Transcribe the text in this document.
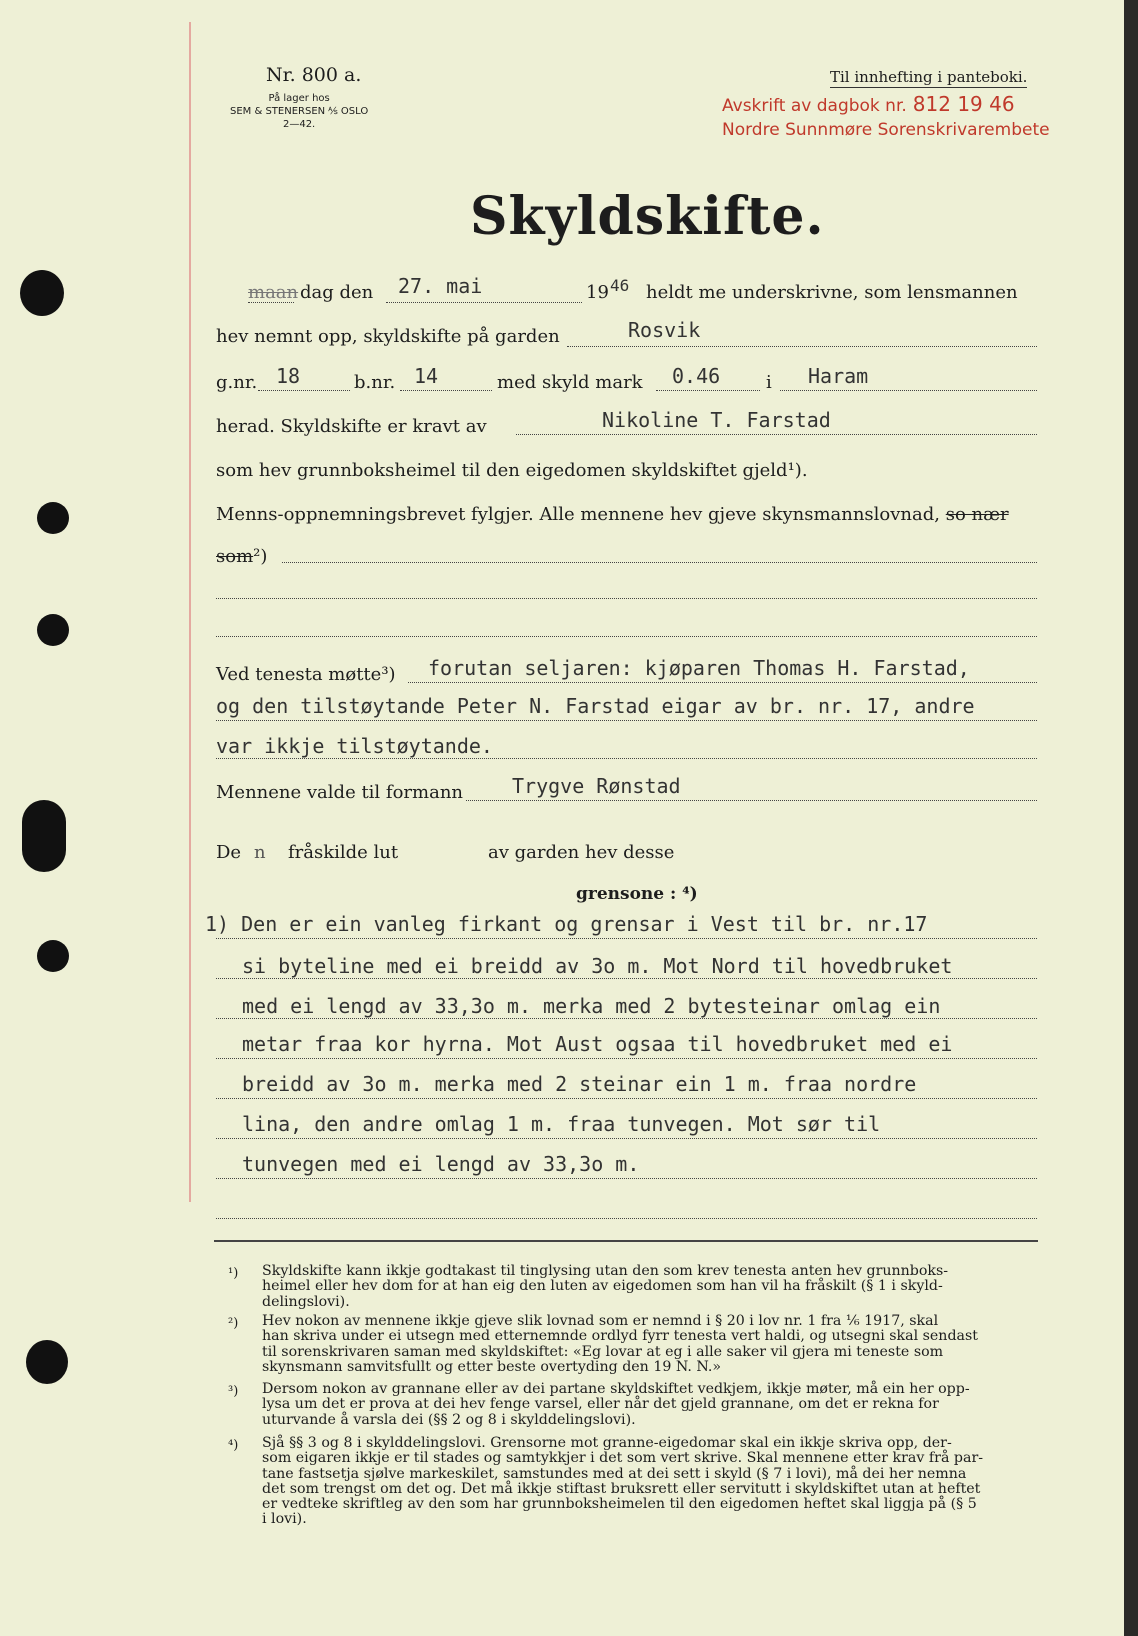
Nr. 800 a.
På lager hos
SEM & STENERSEN ⅍ OSLO
2—42.
Til innhefting i panteboki.
Avskrift av dagbok nr. 812 19 46
Nordre Sunnmøre Sorenskrivarembete
Skyldskifte.
maan dag den 27. mai	19 46 heldt me underskrivne, som lensmannen
hev nemnt opp, skyldskifte på garden	Rosvik
g.nr. 18	b.nr. 14	med skyld mark 0.46	i Haram
herad. Skyldskifte er kravt av	Nikoline T. Farstad
som hev grunnboksheimel til den eigedomen skyldskiftet gjeld¹).
Menns-oppnemningsbrevet fylgjer. Alle mennene hev gjeve skynsmannslovnad, so nær
som²)
Ved tenesta møtte³) forutan seljaren: kjøparen Thomas H. Farstad,
og den tilstøytande Peter N. Farstad eigar av br. nr. 17, andre
var ikkje tilstøytande.
Mennene valde til formann Trygve Rønstad
De n fråskilde lut	av garden hev desse
grensone : ⁴)
1) Den er ein vanleg firkant og grensar i Vest til br. nr.17
si byteline med ei breidd av 3o m. Mot Nord til hovedbruket
med ei lengd av 33,3o m. merka med 2 bytesteinar omlag ein
metar fraa kor hyrna. Mot Aust ogsaa til hovedbruket med ei
breidd av 3o m. merka med 2 steinar ein 1 m. fraa nordre
lina, den andre omlag 1 m. fraa tunvegen. Mot sør til
tunvegen med ei lengd av 33,3o m.
¹) Skyldskifte kann ikkje godtakast til tinglysing utan den som krev tenesta anten hev grunnboks-
heimel eller hev dom for at han eig den luten av eigedomen som han vil ha fråskilt (§ 1 i skyld-
delingslovi).
²) Hev nokon av mennene ikkje gjeve slik lovnad som er nemnd i § 20 i lov nr. 1 fra ⅙ 1917, skal
han skriva under ei utsegn med etternemnde ordlyd fyrr tenesta vert haldi, og utsegni skal sendast
til sorenskrivaren saman med skyldskiftet: «Eg lovar at eg i alle saker vil gjera mi teneste som
skynsmann samvitsfullt og etter beste overtyding den 19 N. N.»
³) Dersom nokon av grannane eller av dei partane skyldskiftet vedkjem, ikkje møter, må ein her opp-
lysa um det er prova at dei hev fenge varsel, eller når det gjeld grannane, om det er rekna for
uturvande å varsla dei (§§ 2 og 8 i skylddelingslovi).
⁴) Sjå §§ 3 og 8 i skylddelingslovi. Grensorne mot granne-eigedomar skal ein ikkje skriva opp, der-
som eigaren ikkje er til stades og samtykkjer i det som vert skrive. Skal mennene etter krav frå par-
tane fastsetja sjølve markeskilet, samstundes med at dei sett i skyld (§ 7 i lovi), må dei her nemna
det som trengst om det og. Det må ikkje stiftast bruksrett eller servitutt i skyldskiftet utan at heftet
er vedteke skriftleg av den som har grunnboksheimelen til den eigedomen heftet skal liggja på (§ 5
i lovi).
